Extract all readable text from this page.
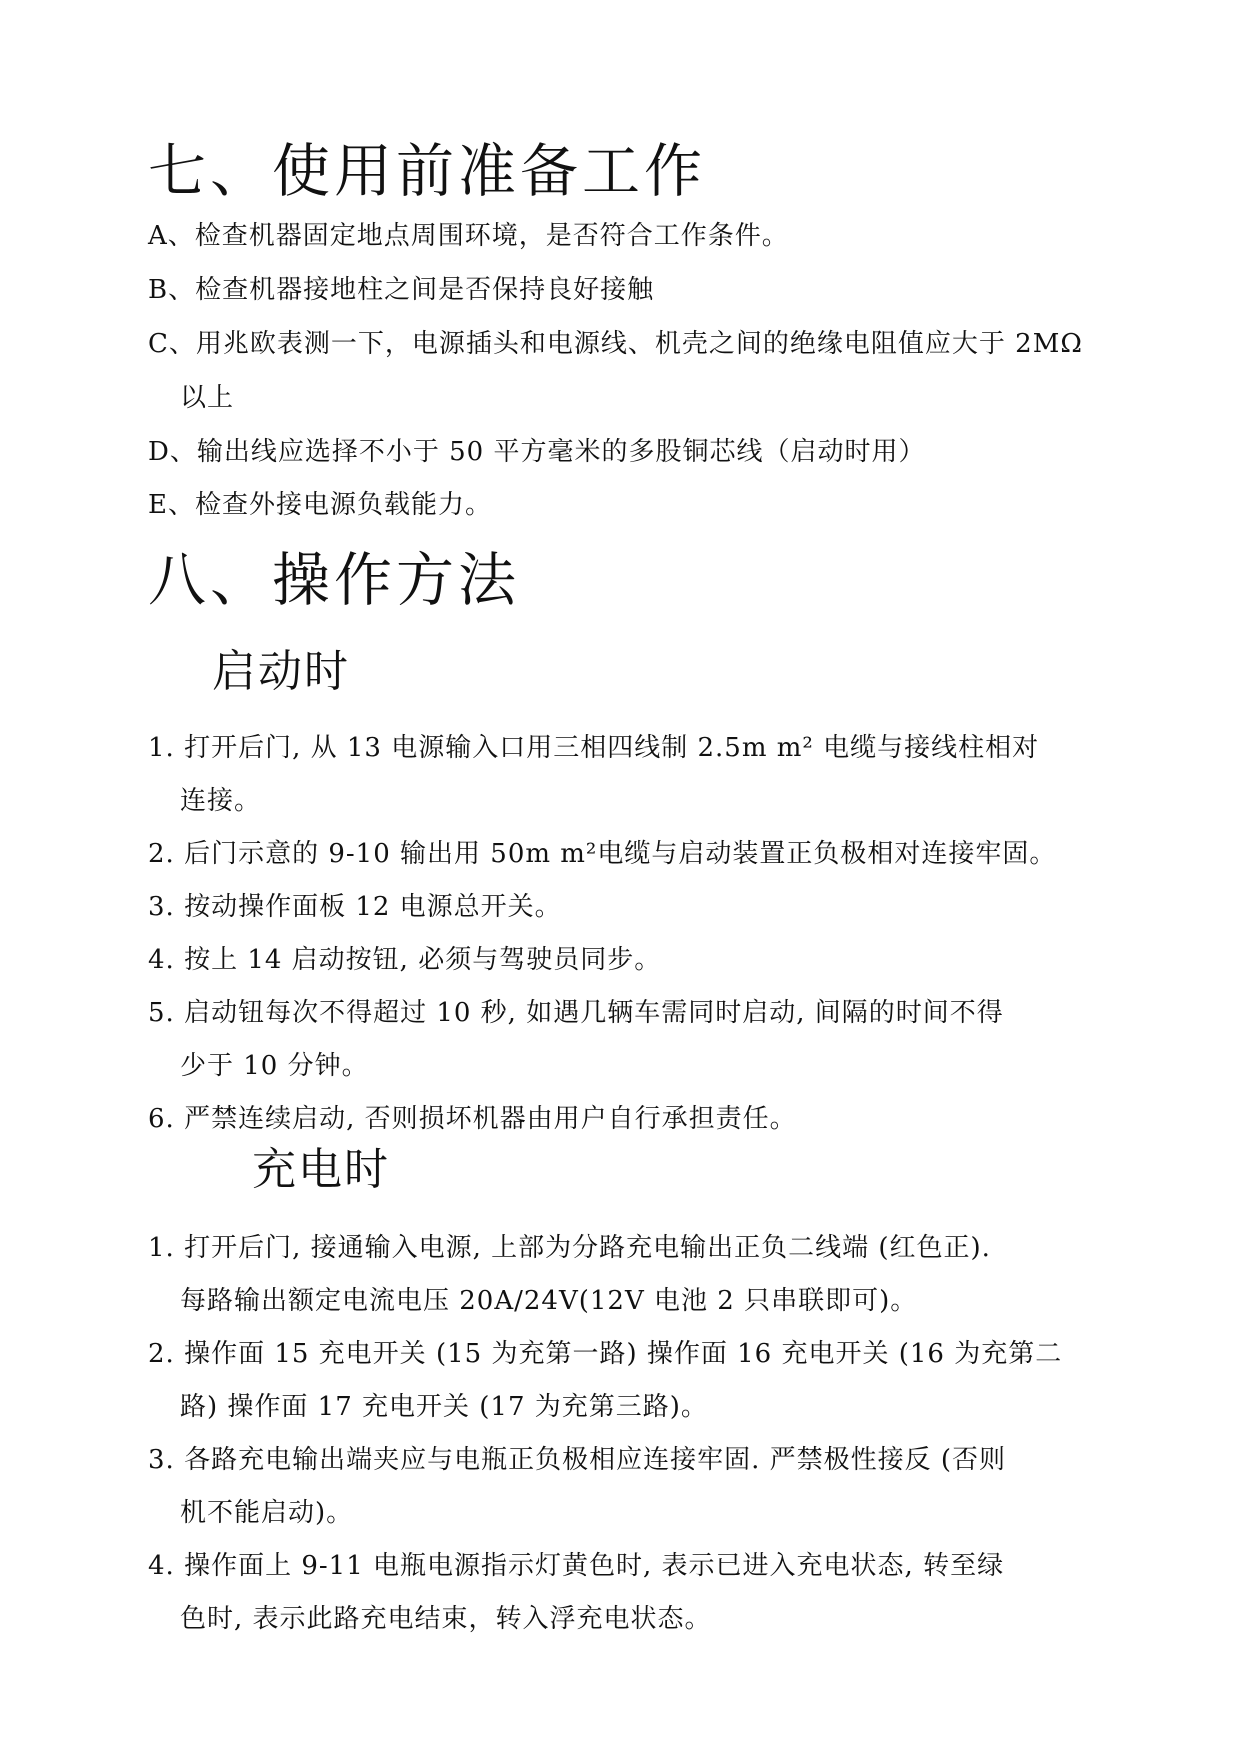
七、使用前准备工作

A、检查机器固定地点周围环境，是否符合工作条件。

B、检查机器接地柱之间是否保持良好接触

C、用兆欧表测一下，电源插头和电源线、机壳之间的绝缘电阻值应大于 2MΩ

以上

D、输出线应选择不小于 50 平方毫米的多股铜芯线（启动时用）

E、检查外接电源负载能力。

八、操作方法
启动时

1. 打开后门, 从 13 电源输入口用三相四线制 2.5m m² 电缆与接线柱相对

连接。

2. 后门示意的 9-10 输出用 50m m²电缆与启动装置正负极相对连接牢固。

3. 按动操作面板 12 电源总开关。

4. 按上 14 启动按钮, 必须与驾驶员同步。

5. 启动钮每次不得超过 10 秒, 如遇几辆车需同时启动, 间隔的时间不得

少于 10 分钟。

6. 严禁连续启动, 否则损坏机器由用户自行承担责任。

充电时

1. 打开后门, 接通输入电源, 上部为分路充电输出正负二线端 (红色正).

每路输出额定电流电压 20A/24V(12V 电池 2 只串联即可)。

2. 操作面 15 充电开关 (15 为充第一路) 操作面 16 充电开关 (16 为充第二

路) 操作面 17 充电开关 (17 为充第三路)。

3. 各路充电输出端夹应与电瓶正负极相应连接牢固. 严禁极性接反 (否则

机不能启动)。

4. 操作面上 9-11 电瓶电源指示灯黄色时, 表示已进入充电状态, 转至绿

色时, 表示此路充电结束，转入浮充电状态。
